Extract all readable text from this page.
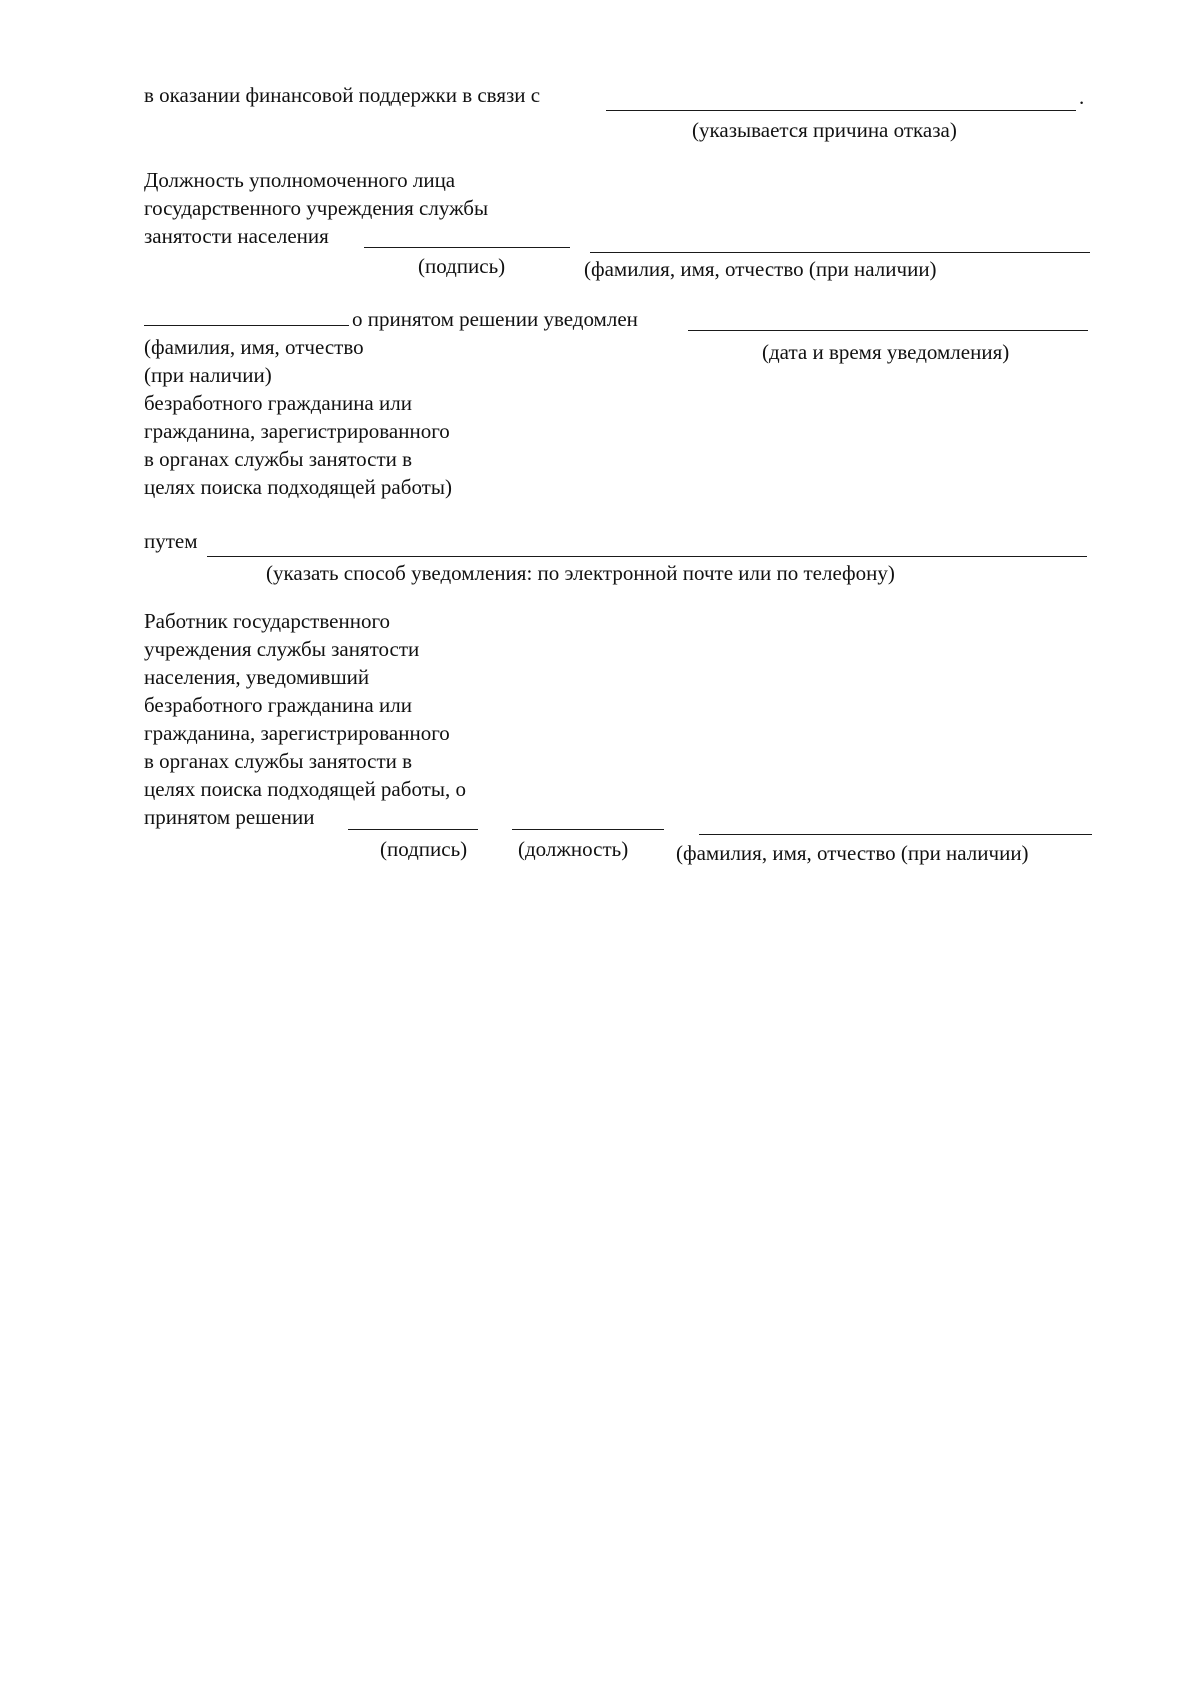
в оказании финансовой поддержки в связи с	.
(указывается причина отказа)
Должность уполномоченного лица
государственного учреждения службы
занятости населения
(подпись)	(фамилия, имя, отчество (при наличии)
о принятом решении уведомлен
(дата и время уведомления)
(фамилия, имя, отчество
(при наличии)
безработного гражданина или
гражданина, зарегистрированного
в органах службы занятости в
целях поиска подходящей работы)
путем
(указать способ уведомления: по электронной почте или по телефону)
Работник государственного
учреждения службы занятости
населения, уведомивший
безработного гражданина или
гражданина, зарегистрированного
в органах службы занятости в
целях поиска подходящей работы, о
принятом решении
(подпись) (должность) (фамилия, имя, отчество (при наличии)
